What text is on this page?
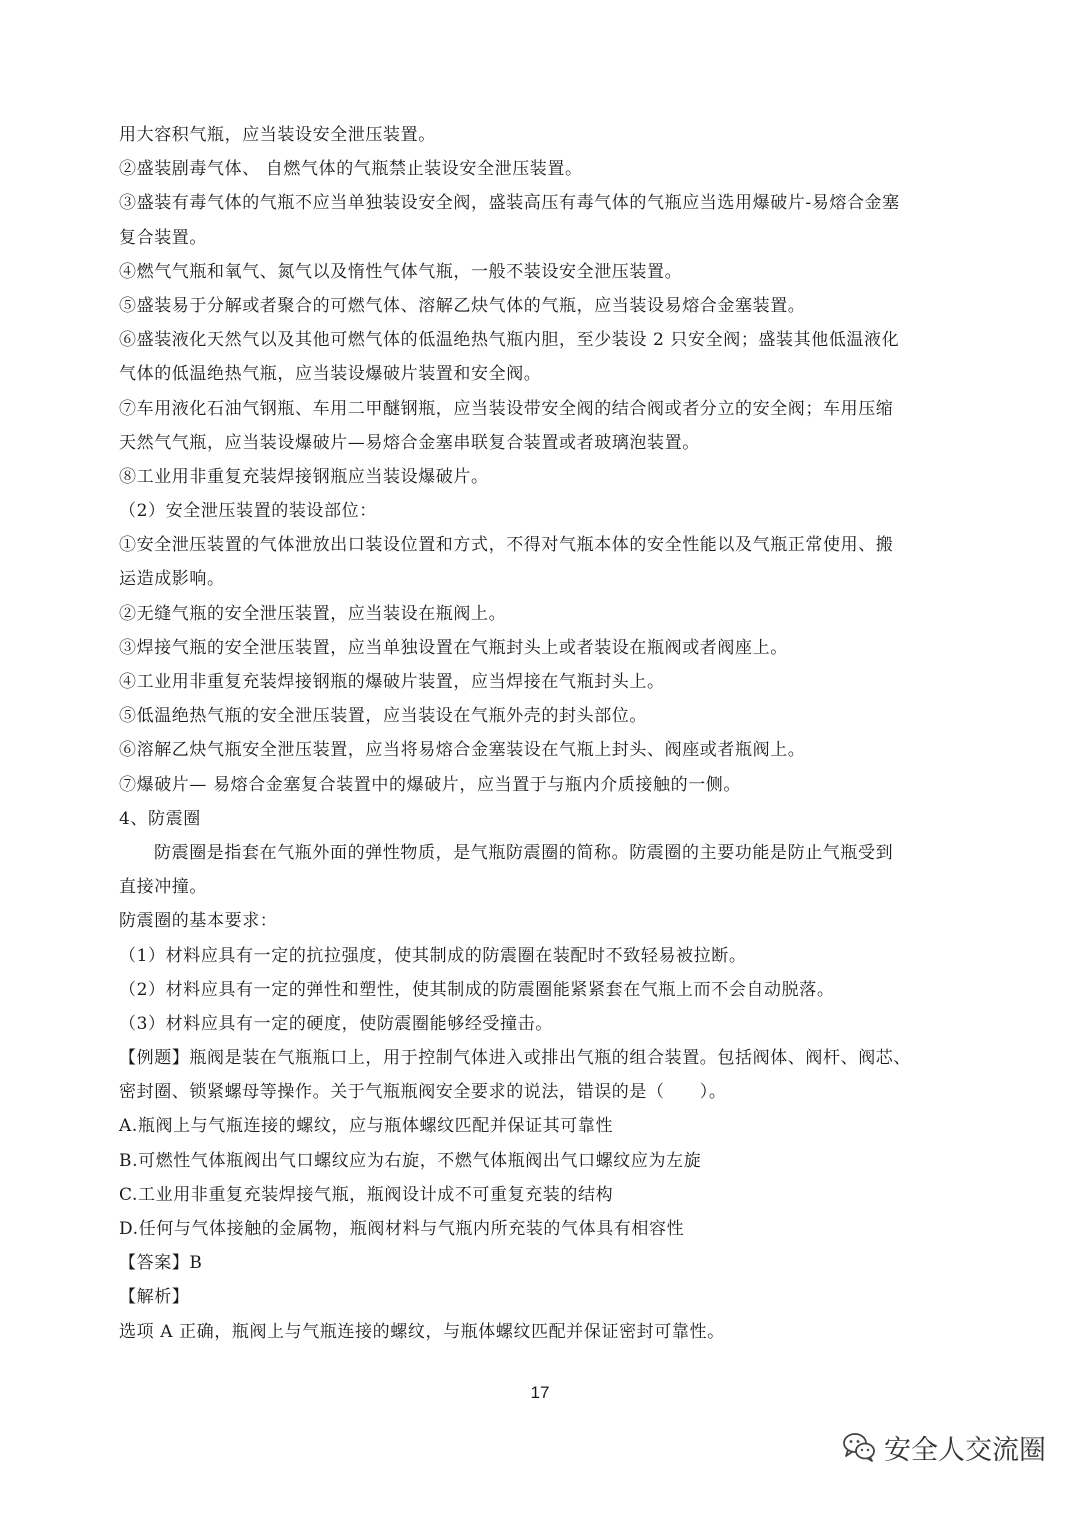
用大容积气瓶，应当装设安全泄压装置。
②盛装剧毒气体、 自燃气体的气瓶禁止装设安全泄压装置。
③盛装有毒气体的气瓶不应当单独装设安全阀，盛装高压有毒气体的气瓶应当选用爆破片-易熔合金塞
复合装置。
④燃气气瓶和氧气、氮气以及惰性气体气瓶，一般不装设安全泄压装置。
⑤盛装易于分解或者聚合的可燃气体、溶解乙炔气体的气瓶，应当装设易熔合金塞装置。
⑥盛装液化天然气以及其他可燃气体的低温绝热气瓶内胆，至少装设 2 只安全阀；盛装其他低温液化
气体的低温绝热气瓶，应当装设爆破片装置和安全阀。
⑦车用液化石油气钢瓶、车用二甲醚钢瓶，应当装设带安全阀的结合阀或者分立的安全阀；车用压缩
天然气气瓶，应当装设爆破片—易熔合金塞串联复合装置或者玻璃泡装置。
⑧工业用非重复充装焊接钢瓶应当装设爆破片。
（2）安全泄压装置的装设部位：
①安全泄压装置的气体泄放出口装设位置和方式，不得对气瓶本体的安全性能以及气瓶正常使用、搬
运造成影响。
②无缝气瓶的安全泄压装置，应当装设在瓶阀上。
③焊接气瓶的安全泄压装置，应当单独设置在气瓶封头上或者装设在瓶阀或者阀座上。
④工业用非重复充装焊接钢瓶的爆破片装置，应当焊接在气瓶封头上。
⑤低温绝热气瓶的安全泄压装置，应当装设在气瓶外壳的封头部位。
⑥溶解乙炔气瓶安全泄压装置，应当将易熔合金塞装设在气瓶上封头、阀座或者瓶阀上。
⑦爆破片— 易熔合金塞复合装置中的爆破片，应当置于与瓶内介质接触的一侧。
4、防震圈
防震圈是指套在气瓶外面的弹性物质，是气瓶防震圈的简称。防震圈的主要功能是防止气瓶受到
直接冲撞。
防震圈的基本要求：
（1）材料应具有一定的抗拉强度，使其制成的防震圈在装配时不致轻易被拉断。
（2）材料应具有一定的弹性和塑性，使其制成的防震圈能紧紧套在气瓶上而不会自动脱落。
（3）材料应具有一定的硬度，使防震圈能够经受撞击。
【例题】瓶阀是装在气瓶瓶口上，用于控制气体进入或排出气瓶的组合装置。包括阀体、阀杆、阀芯、
密封圈、锁紧螺母等操作。关于气瓶瓶阀安全要求的说法，错误的是（　　）。
A.瓶阀上与气瓶连接的螺纹，应与瓶体螺纹匹配并保证其可靠性
B.可燃性气体瓶阀出气口螺纹应为右旋，不燃气体瓶阀出气口螺纹应为左旋
C.工业用非重复充装焊接气瓶，瓶阀设计成不可重复充装的结构
D.任何与气体接触的金属物，瓶阀材料与气瓶内所充装的气体具有相容性
【答案】B
【解析】
选项 A 正确，瓶阀上与气瓶连接的螺纹，与瓶体螺纹匹配并保证密封可靠性。
17
安全人交流圈
